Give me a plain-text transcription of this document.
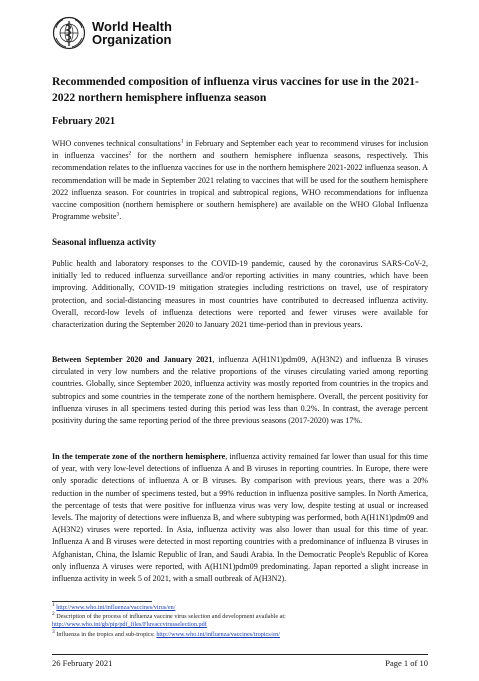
World Health
Organization
Recommended composition of influenza virus vaccines for use in the 2021-2022 northern hemisphere influenza season
February 2021
WHO convenes technical consultations$^1$ in February and September each year to recommend viruses for inclusion in influenza vaccines$^2$ for the northern and southern hemisphere influenza seasons, respectively. This recommendation relates to the influenza vaccines for use in the northern hemisphere 2021-2022 influenza season. A recommendation will be made in September 2021 relating to vaccines that will be used for the southern hemisphere 2022 influenza season. For countries in tropical and subtropical regions, WHO recommendations for influenza vaccine composition (northern hemisphere or southern hemisphere) are available on the WHO Global Influenza Programme website$^3$.
Seasonal influenza activity
Public health and laboratory responses to the COVID-19 pandemic, caused by the coronavirus SARS-CoV-2, initially led to reduced influenza surveillance and/or reporting activities in many countries, which have been improving. Additionally, COVID-19 mitigation strategies including restrictions on travel, use of respiratory protection, and social-distancing measures in most countries have contributed to decreased influenza activity. Overall, record-low levels of influenza detections were reported and fewer viruses were available for characterization during the September 2020 to January 2021 time-period than in previous years.
Between September 2020 and January 2021, influenza A(H1N1)pdm09, A(H3N2) and influenza B viruses circulated in very low numbers and the relative proportions of the viruses circulating varied among reporting countries. Globally, since September 2020, influenza activity was mostly reported from countries in the tropics and subtropics and some countries in the temperate zone of the northern hemisphere. Overall, the percent positivity for influenza viruses in all specimens tested during this period was less than 0.2%. In contrast, the average percent positivity during the same reporting period of the three previous seasons (2017-2020) was 17%.
In the temperate zone of the northern hemisphere, influenza activity remained far lower than usual for this time of year, with very low-level detections of influenza A and B viruses in reporting countries. In Europe, there were only sporadic detections of influenza A or B viruses. By comparison with previous years, there was a 20% reduction in the number of specimens tested, but a 99% reduction in influenza positive samples. In North America, the percentage of tests that were positive for influenza virus was very low, despite testing at usual or increased levels. The majority of detections were influenza B, and where subtyping was performed, both A(H1N1)pdm09 and A(H3N2) viruses were reported. In Asia, influenza activity was also lower than usual for this time of year. Influenza A and B viruses were detected in most reporting countries with a predominance of influenza B viruses in Afghanistan, China, the Islamic Republic of Iran, and Saudi Arabia. In the Democratic People's Republic of Korea only influenza A viruses were reported, with A(H1N1)pdm09 predominating. Japan reported a slight increase in influenza activity in week 5 of 2021, with a small outbreak of A(H3N2).
1 http://www.who.int/influenza/vaccines/virus/en/
2 Description of the process of influenza vaccine virus selection and development available at:
http://www.who.int/gb/pip/pdf_files/Fluvaccvirusselection.pdf
3 Influenza in the tropics and sub-tropics: http://www.who.int/influenza/vaccines/tropics/en/
26 February 2021	Page 1 of 10
